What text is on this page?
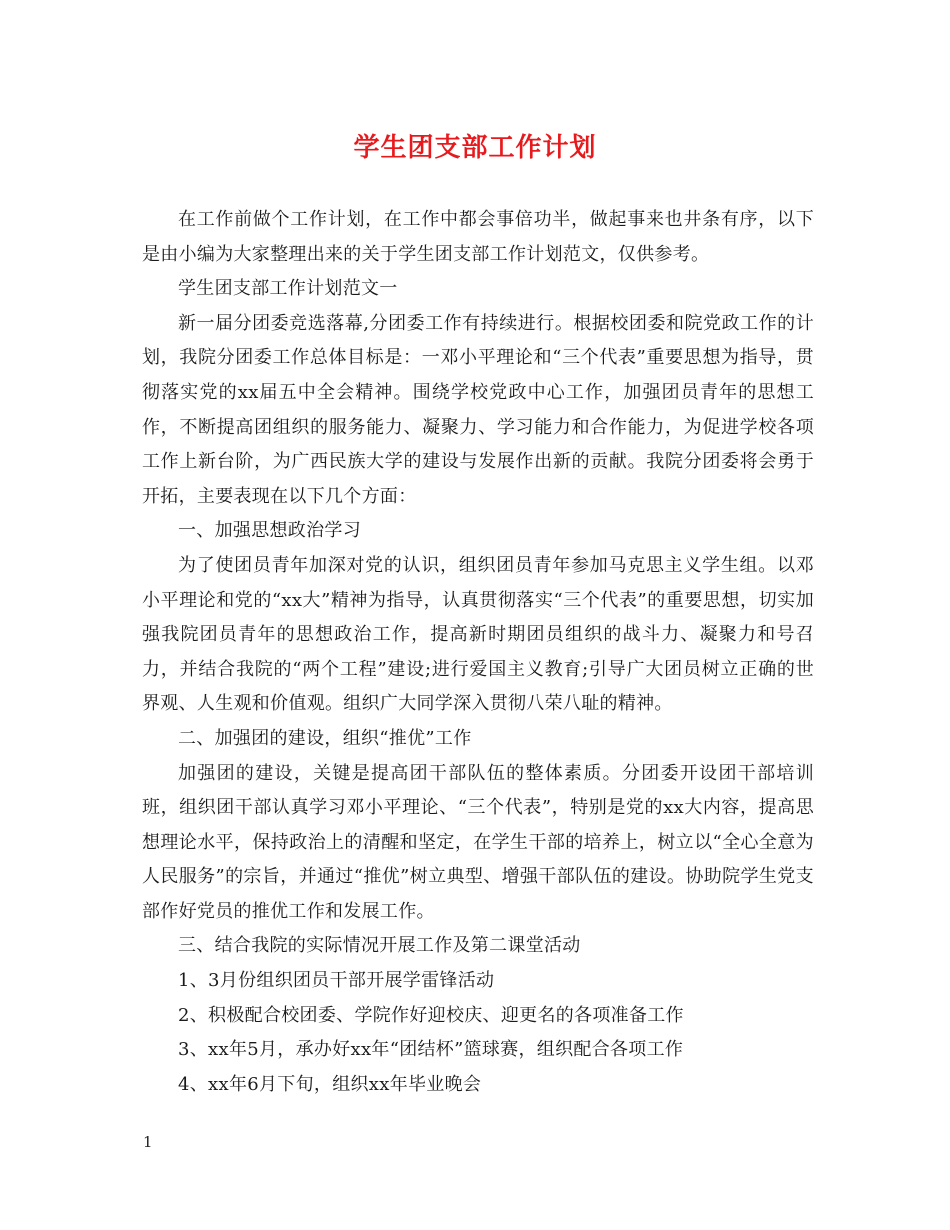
学生团支部工作计划

在工作前做个工作计划，在工作中都会事倍功半，做起事来也井条有序，以下是由小编为大家整理出来的关于学生团支部工作计划范文，仅供参考。

学生团支部工作计划范文一

新一届分团委竞选落幕,分团委工作有持续进行。根据校团委和院党政工作的计划，我院分团委工作总体目标是：一邓小平理论和“三个代表”重要思想为指导，贯彻落实党的xx届五中全会精神。围绕学校党政中心工作，加强团员青年的思想工作，不断提高团组织的服务能力、凝聚力、学习能力和合作能力，为促进学校各项工作上新台阶，为广西民族大学的建设与发展作出新的贡献。我院分团委将会勇于开拓，主要表现在以下几个方面：

一、加强思想政治学习

为了使团员青年加深对党的认识，组织团员青年参加马克思主义学生组。以邓小平理论和党的“xx大”精神为指导，认真贯彻落实“三个代表”的重要思想，切实加强我院团员青年的思想政治工作，提高新时期团员组织的战斗力、凝聚力和号召力，并结合我院的“两个工程”建设;进行爱国主义教育;引导广大团员树立正确的世界观、人生观和价值观。组织广大同学深入贯彻八荣八耻的精神。

二、加强团的建设，组织“推优”工作

加强团的建设，关键是提高团干部队伍的整体素质。分团委开设团干部培训班，组织团干部认真学习邓小平理论、“三个代表”，特别是党的xx大内容，提高思想理论水平，保持政治上的清醒和坚定，在学生干部的培养上，树立以“全心全意为人民服务”的宗旨，并通过“推优”树立典型、增强干部队伍的建设。协助院学生党支部作好党员的推优工作和发展工作。

三、结合我院的实际情况开展工作及第二课堂活动

1、3月份组织团员干部开展学雷锋活动

2、积极配合校团委、学院作好迎校庆、迎更名的各项准备工作

3、xx年5月，承办好xx年“团结杯”篮球赛，组织配合各项工作

4、xx年6月下旬，组织xx年毕业晚会

1
